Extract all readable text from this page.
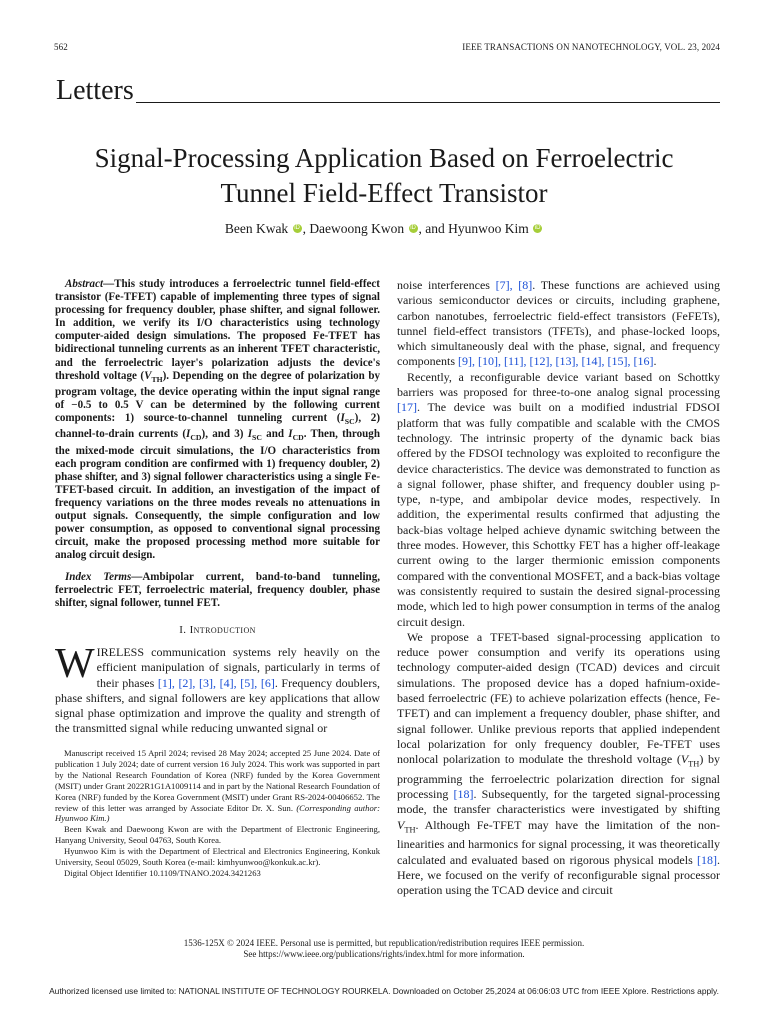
562	IEEE TRANSACTIONS ON NANOTECHNOLOGY, VOL. 23, 2024
Letters
Signal-Processing Application Based on Ferroelectric
Tunnel Field-Effect Transistor
Been Kwak iD , Daewoong Kwon iD , and Hyunwoo Kim iD

Abstract—This study introduces a ferroelectric tunnel field-effect transistor (Fe-TFET) capable of implementing three types of signal processing for frequency doubler, phase shifter, and signal follower. In addition, we verify its I/O characteristics using technology computer-aided design simulations. The proposed Fe-TFET has bidirectional tunneling currents as an inherent TFET characteristic, and the ferroelectric layer's polarization adjusts the device's threshold voltage $(V_{TH})$. Depending on the degree of polarization by program voltage, the device operating within the input signal range of −0.5 to 0.5 V can be determined by the following current components: 1) source-to-channel tunneling current $(I_{SC})$, 2) channel-to-drain currents $(I_{CD})$, and 3) $I_{SC}$ and $I_{CD}$. Then, through the mixed-mode circuit simulations, the I/O characteristics from each program condition are confirmed with 1) frequency doubler, 2) phase shifter, and 3) signal follower characteristics using a single Fe-TFET-based circuit. In addition, an investigation of the impact of frequency variations on the three modes reveals no attenuations in output signals. Consequently, the simple configuration and low power consumption, as opposed to conventional signal processing circuit, make the proposed processing method more suitable for analog circuit design.

Index Terms—Ambipolar current, band-to-band tunneling, ferroelectric FET, ferroelectric material, frequency doubler, phase shifter, signal follower, tunnel FET.

I. Introduction

WIRELESS communication systems rely heavily on the efficient manipulation of signals, particularly in terms of their phases [1], [2], [3], [4], [5], [6]. Frequency doublers, phase shifters, and signal followers are key applications that allow signal phase optimization and improve the quality and strength of the transmitted signal while reducing unwanted signal or

noise interferences [7], [8]. These functions are achieved using various semiconductor devices or circuits, including graphene, carbon nanotubes, ferroelectric field-effect transistors (FeFETs), tunnel field-effect transistors (TFETs), and phase-locked loops, which simultaneously deal with the phase, signal, and frequency components [9], [10], [11], [12], [13], [14], [15], [16].

Recently, a reconfigurable device variant based on Schottky barriers was proposed for three-to-one analog signal processing [17]. The device was built on a modified industrial FDSOI platform that was fully compatible and scalable with the CMOS technology. The intrinsic property of the dynamic back bias offered by the FDSOI technology was exploited to reconfigure the device characteristics. The device was demonstrated to function as a signal follower, phase shifter, and frequency doubler using p-type, n-type, and ambipolar device modes, respectively. In addition, the experimental results confirmed that adjusting the back-bias voltage helped achieve dynamic switching between the three modes. However, this Schottky FET has a higher off-leakage current owing to the larger thermionic emission components compared with the conventional MOSFET, and a back-bias voltage was consistently required to sustain the desired signal-processing mode, which led to high power consumption in terms of the analog circuit design.

We propose a TFET-based signal-processing application to reduce power consumption and verify its operations using technology computer-aided design (TCAD) devices and circuit simulations. The proposed device has a doped hafnium-oxide-based ferroelectric (FE) to achieve polarization effects (hence, Fe-TFET) and can implement a frequency doubler, phase shifter, and signal follower. Unlike previous reports that applied independent local polarization for only frequency doubler, Fe-TFET uses nonlocal polarization to modulate the threshold voltage $(V_{TH})$ by programming the ferroelectric polarization direction for signal processing [18]. Subsequently, for the targeted signal-processing mode, the transfer characteristics were investigated by shifting $V_{TH}$. Although Fe-TFET may have the limitation of the non-linearities and harmonics for signal processing, it was theoretically calculated and evaluated based on rigorous physical models [18]. Here, we focused on the verify of reconfigurable signal processor operation using the TCAD device and circuit

Manuscript received 15 April 2024; revised 28 May 2024; accepted 25 June 2024. Date of publication 1 July 2024; date of current version 16 July 2024. This work was supported in part by the National Research Foundation of Korea (NRF) funded by the Korea Government (MSIT) under Grant 2022R1G1A1009114 and in part by the National Research Foundation of Korea (NRF) funded by the Korea Government (MSIT) under Grant RS-2024-00406652. The review of this letter was arranged by Associate Editor Dr. X. Sun. (Corresponding author: Hyunwoo Kim.)

Been Kwak and Daewoong Kwon are with the Department of Electronic Engineering, Hanyang University, Seoul 04763, South Korea.

Hyunwoo Kim is with the Department of Electrical and Electronics Engineering, Konkuk University, Seoul 05029, South Korea (e-mail: kimhyunwoo@konkuk.ac.kr).

Digital Object Identifier 10.1109/TNANO.2024.3421263

1536-125X © 2024 IEEE. Personal use is permitted, but republication/redistribution requires IEEE permission.
See https://www.ieee.org/publications/rights/index.html for more information.
Authorized licensed use limited to: NATIONAL INSTITUTE OF TECHNOLOGY ROURKELA. Downloaded on October 25,2024 at 06:06:03 UTC from IEEE Xplore. Restrictions apply.
